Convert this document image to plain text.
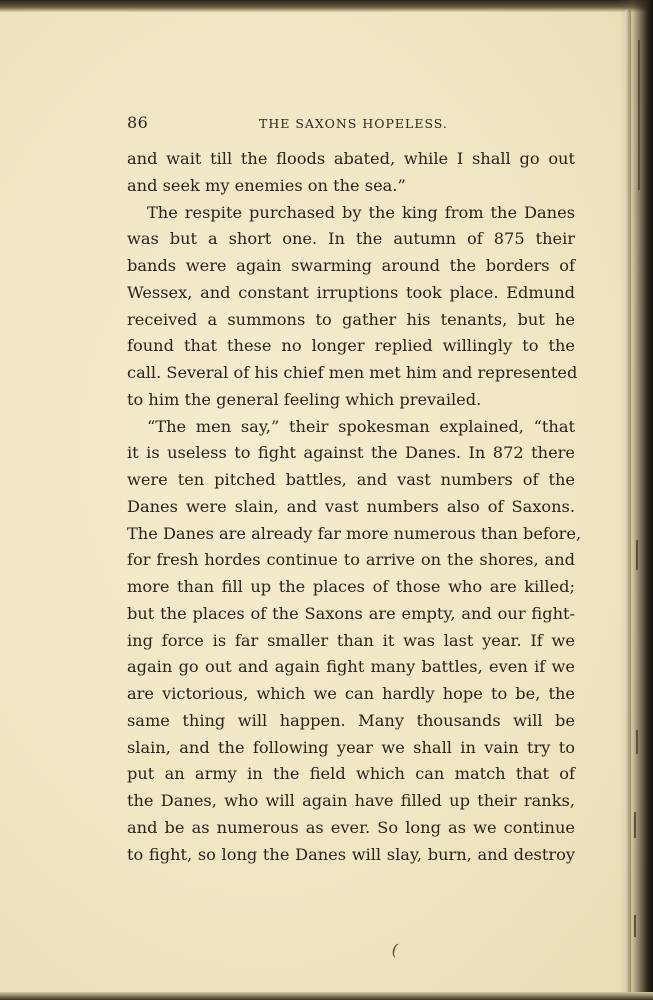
86	THE SAXONS HOPELESS.
and wait till the floods abated, while I shall go out
and seek my enemies on the sea.”
The respite purchased by the king from the Danes
was but a short one. In the autumn of 875 their
bands were again swarming around the borders of
Wessex, and constant irruptions took place. Edmund
received a summons to gather his tenants, but he
found that these no longer replied willingly to the
call. Several of his chief men met him and represented
to him the general feeling which prevailed.
“The men say,” their spokesman explained, “that
it is useless to fight against the Danes. In 872 there
were ten pitched battles, and vast numbers of the
Danes were slain, and vast numbers also of Saxons.
The Danes are already far more numerous than before,
for fresh hordes continue to arrive on the shores, and
more than fill up the places of those who are killed;
but the places of the Saxons are empty, and our fight-
ing force is far smaller than it was last year. If we
again go out and again fight many battles, even if we
are victorious, which we can hardly hope to be, the
same thing will happen. Many thousands will be
slain, and the following year we shall in vain try to
put an army in the field which can match that of
the Danes, who will again have filled up their ranks,
and be as numerous as ever. So long as we continue
to fight, so long the Danes will slay, burn, and destroy
(
